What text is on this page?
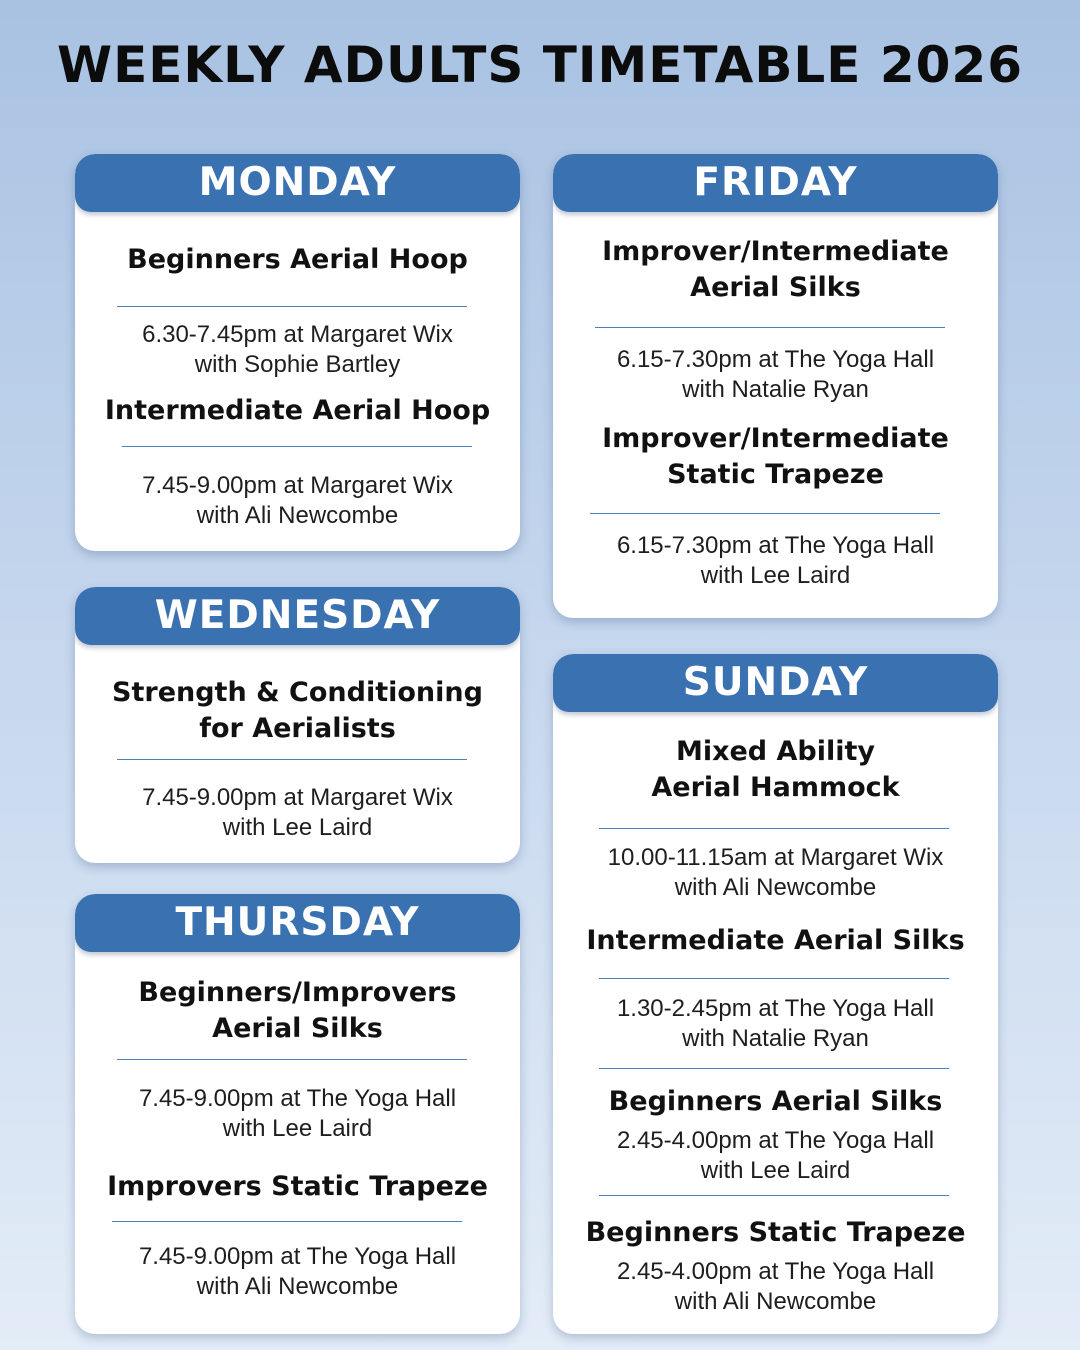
WEEKLY ADULTS TIMETABLE 2026
MONDAY
Beginners Aerial Hoop
6.30-7.45pm at Margaret Wix
with Sophie Bartley
Intermediate Aerial Hoop
7.45-9.00pm at Margaret Wix
with Ali Newcombe
WEDNESDAY
Strength & Conditioning
for Aerialists
7.45-9.00pm at Margaret Wix
with Lee Laird
THURSDAY
Beginners/Improvers
Aerial Silks
7.45-9.00pm at The Yoga Hall
with Lee Laird
Improvers Static Trapeze
7.45-9.00pm at The Yoga Hall
with Ali Newcombe
FRIDAY
Improver/Intermediate
Aerial Silks
6.15-7.30pm at The Yoga Hall
with Natalie Ryan
Improver/Intermediate
Static Trapeze
6.15-7.30pm at The Yoga Hall
with Lee Laird
SUNDAY
Mixed Ability
Aerial Hammock
10.00-11.15am at Margaret Wix
with Ali Newcombe
Intermediate Aerial Silks
1.30-2.45pm at The Yoga Hall
with Natalie Ryan
Beginners Aerial Silks
2.45-4.00pm at The Yoga Hall
with Lee Laird
Beginners Static Trapeze
2.45-4.00pm at The Yoga Hall
with Ali Newcombe
